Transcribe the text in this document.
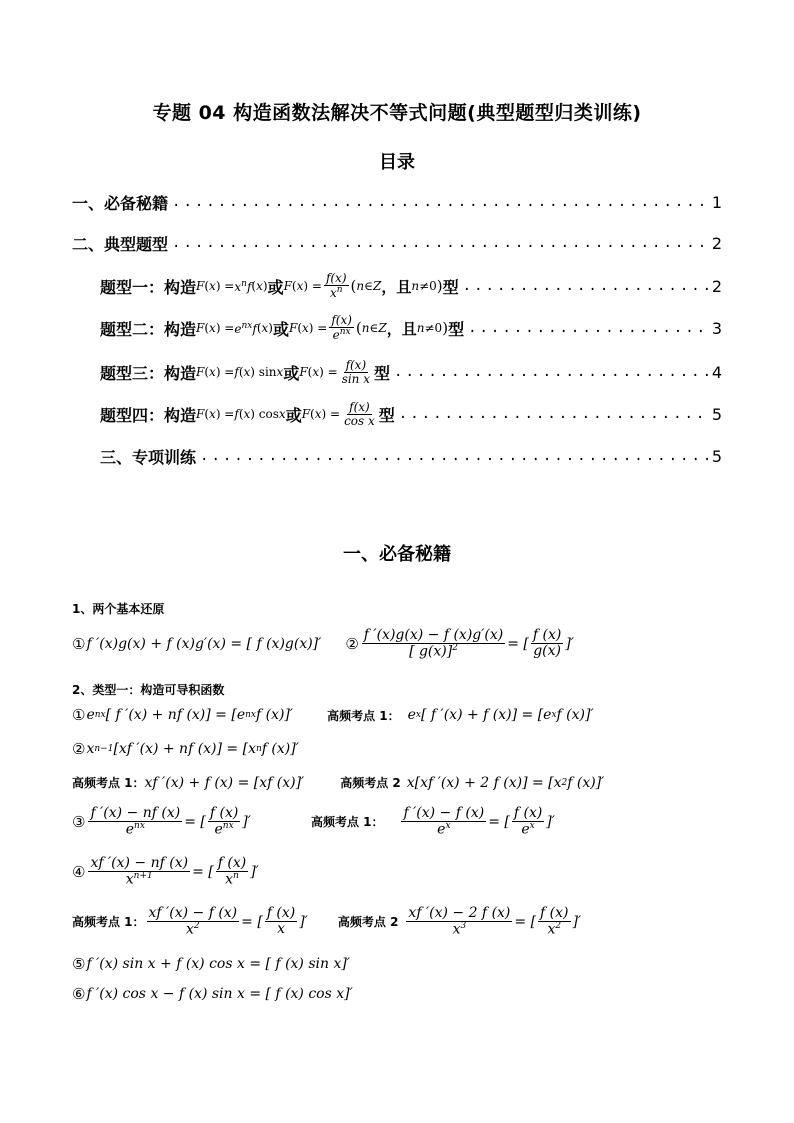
专题 04 构造函数法解决不等式问题(典型题型归类训练)
目录
一、必备秘籍 .....	1
二、典型题型 .....	2
题型一：构造 F ( x ) = $x^nf$ ( x ) 或 F ( x ) = $\frac{f(x)}{x^n}$ ( n ∈ Z ，且 n ≠0 ) 型 .....	2
题型二：构造 F ( x ) = $e^{nx}f$ ( x ) 或 F ( x ) = $\frac{f(x)}{e^{nx}}$ ( n ∈ Z ，且 n ≠0 ) 型 .....	3
题型三：构造 F ( x ) = f ( x ) sin x 或 F ( x ) = $\frac{f(x)}{\text{sin x}}$ 型 .....	4
题型四：构造 F ( x ) = f ( x ) cos x 或 F ( x ) = $\frac{f(x)}{\text{cos x}}$ 型 .....	5
三、专项训练 .....	5
一、必备秘籍
1、两个基本还原
① f ′(x)g(x) + f (x)g′(x) = [ f (x)g(x)]′ ② $\frac{f '(x)g(x) - f (x)g'(x)}{[ g(x)]^2}$ = [ $\frac{f (x)}{g(x)}$ ]′
2、类型一：构造可导积函数
① e nx [ f ′(x) + nf (x)] = [e nx f (x)]′	高频考点 1： e x [ f ′(x) + f (x)] = [e x f (x)]′
② x n−1 [xf ′(x) + nf (x)] = [x n f (x)]′
高频考点 1： xf ′(x) + f (x) = [xf (x)]′	高频考点 2 x[xf ′(x) + 2 f (x)] = [x 2 f (x)]′
③ $\frac{f '(x) - nf (x)}{e^{nx}}$ = [ $\frac{f (x)}{e^{nx}}$ ]′	高频考点 1： $\frac{f '(x) - f (x)}{e^x}$ = [ $\frac{f (x)}{e^x}$ ]′
④ $\frac{xf '(x) - nf (x)}{x^{n+1}}$ = [ $\frac{f (x)}{x^n}$ ]′
高频考点 1： $\frac{xf '(x) - f (x)}{x^2}$ = [ $\frac{f (x)}{x}$ ]′	高频考点 $2 \frac{xf '(x) - 2 f (x)}{x^3}$ = [ $\frac{f (x)}{x^2}$ ]′
⑤ f ′(x) sin x + f (x) cos x = [ f (x) sin x]′
⑥ f ′(x) cos x − f (x) sin x = [ f (x) cos x]′
